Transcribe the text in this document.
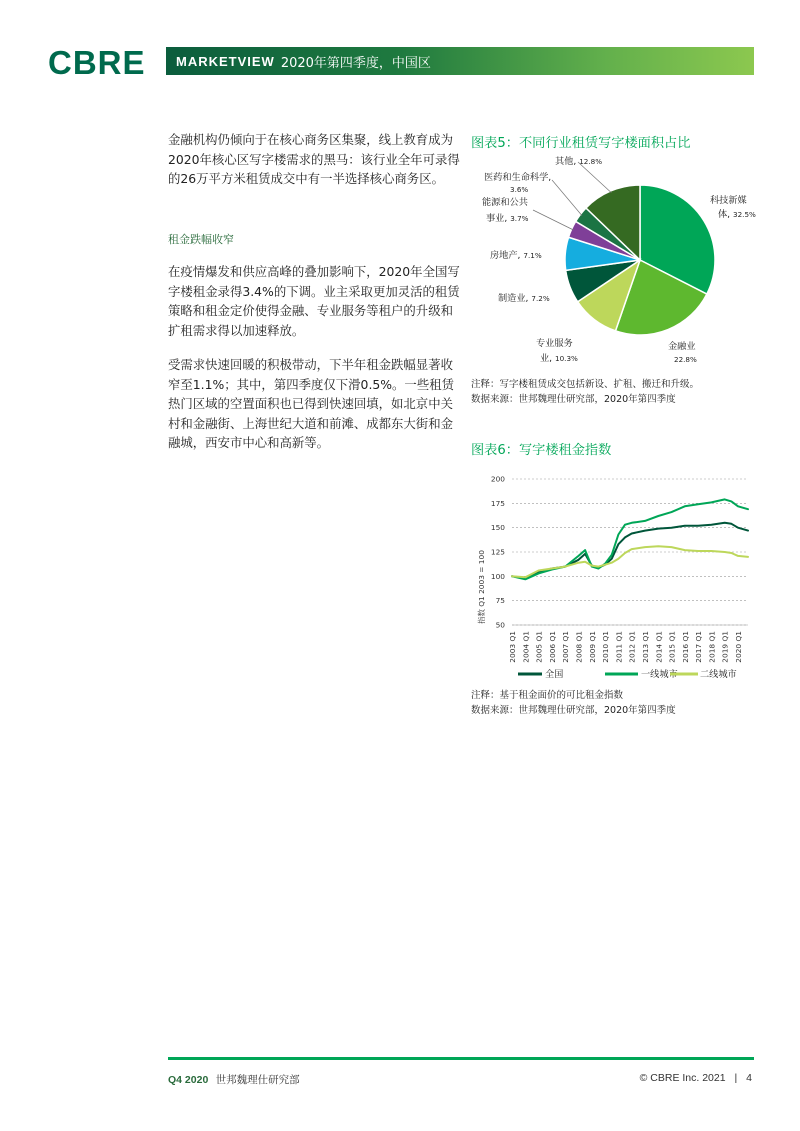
CBRE MARKETVIEW 2020年第四季度，中国区
金融机构仍倾向于在核心商务区集聚，线上教育成为2020年核心区写字楼需求的黑马：该行业全年可录得的26万平方米租赁成交中有一半选择核心商务区。
租金跌幅收窄
在疫情爆发和供应高峰的叠加影响下，2020年全国写字楼租金录得3.4%的下调。业主采取更加灵活的租赁策略和租金定价使得金融、专业服务等租户的升级和扩租需求得以加速释放。
受需求快速回暖的积极带动，下半年租金跌幅显著收窄至1.1%；其中，第四季度仅下滑0.5%。一些租赁热门区域的空置面积也已得到快速回填，如北京中关村和金融街、上海世纪大道和前滩、成都东大街和金融城，西安市中心和高新等。
图表5：不同行业租赁写字楼面积占比
科技新媒
体, 32.5%
金融业
22.8%
专业服务
业, 10.3%
制造业, 7.2%
房地产, 7.1%
能源和公共
事业, 3.7%
医药和生命科学,
3.6%
其他, 12.8%
注释：写字楼租赁成交包括新设、扩租、搬迁和升级。
数据来源：世邦魏理仕研究部，2020年第四季度
图表6：写字楼租金指数
50
75
100
125
150
175
200
2003 Q1 2004 Q1 2005 Q1 2006 Q1 2007 Q1 2008 Q1 2009 Q1 2010 Q1 2011 Q1 2012 Q1 2013 Q1 2014 Q1 2015 Q1 2016 Q1 2017 Q1 2018 Q1 2019 Q1 2020 Q1
指数 Q1 2003 = 100
全国	一线城市 二线城市
注释：基于租金面价的可比租金指数
数据来源：世邦魏理仕研究部，2020年第四季度
Q4 2020 世邦魏理仕研究部	© CBRE Inc. 2021 | 4
